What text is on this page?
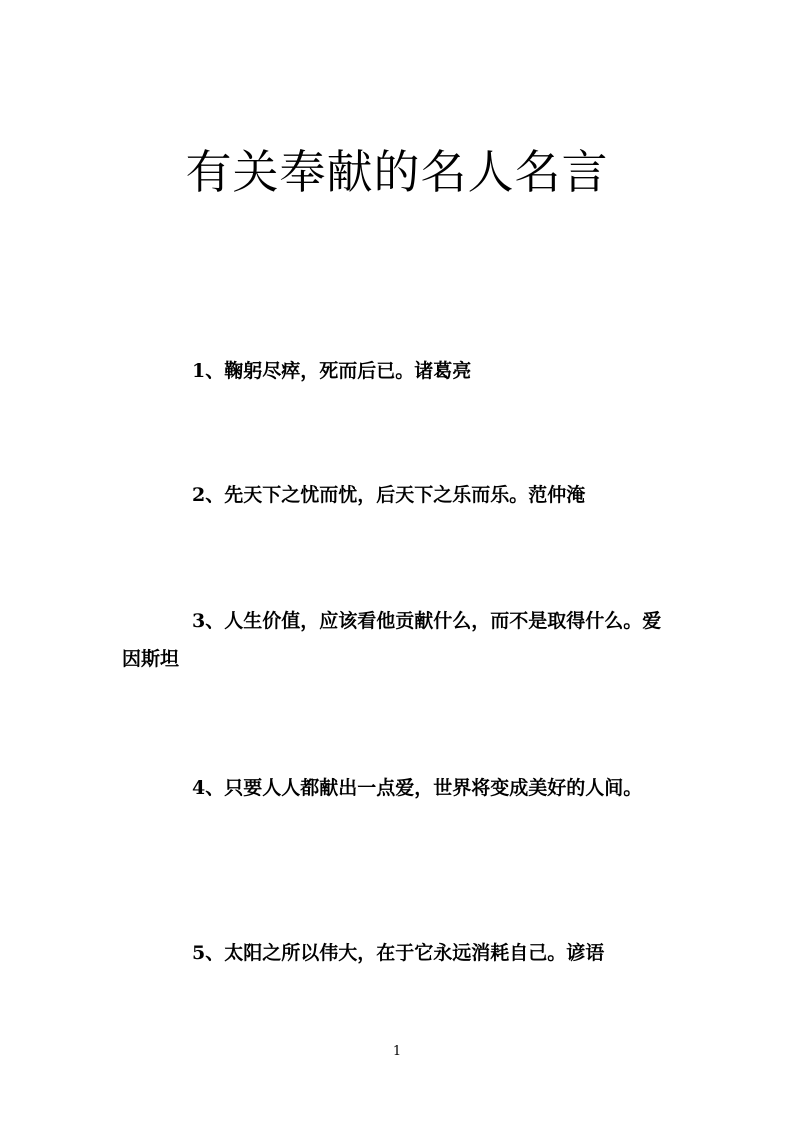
有关奉献的名人名言

1、鞠躬尽瘁，死而后已。诸葛亮

2、先天下之忧而忧，后天下之乐而乐。范仲淹

3、人生价值，应该看他贡献什么，而不是取得什么。爱因斯坦

4、只要人人都献出一点爱，世界将变成美好的人间。

5、太阳之所以伟大，在于它永远消耗自己。谚语

1
